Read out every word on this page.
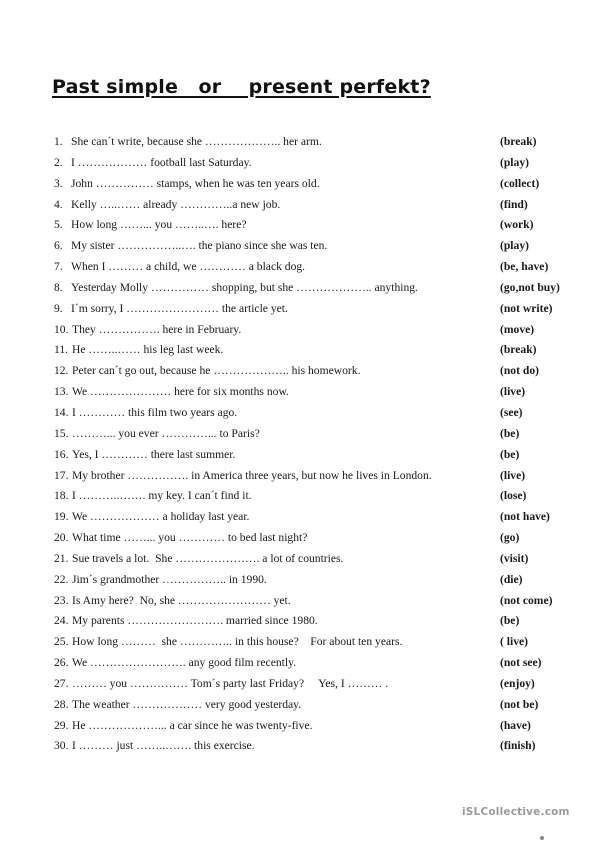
Past simple   or    present perfekt?
1. She can´t write, because she ……………….. her arm.	(break)
2. I ……………… football last Saturday.	(play)
3. John …………… stamps, when he was ten years old.	(collect)
4. Kelly …..…… already …………..a new job.	(find)
5. How long ……... you ……..…. here?	(work)
6. My sister ……………..…. the piano since she was ten.	(play)
7. When I ……… a child, we ………… a black dog.	(be, have)
8. Yesterday Molly …………… shopping, but she ……………….. anything.	(go,not buy)
9. I´m sorry, I …………………… the article yet.	(not write)
10. They ……………. here in February.	(move)
11. He ……..…… his leg last week.	(break)
12. Peter can´t go out, because he ……………….. his homework.	(not do)
13. We ………………… here for six months now.	(live)
14. I ………… this film two years ago.	(see)
15. ………... you ever …………... to Paris?	(be)
16. Yes, I ………… there last summer.	(be)
17. My brother ……………. in America three years, but now he lives in London.	(live)
18. I ………..……. my key. I can´t find it.	(lose)
19. We ……………… a holiday last year.	(not have)
20. What time ……... you ………… to bed last night?	(go)
21. Sue travels a lot.  She …………………. a lot of countries.	(visit)
22. Jim´s grandmother …………….. in 1990.	(die)
23. Is Amy here?  No, she …………………… yet.	(not come)
24. My parents ……………………. married since 1980.	(be)
25. How long ………  she ………….. in this house?    For about ten years.	( live)
26. We ……………………. any good film recently.	(not see)
27. ……… you …………… Tom´s party last Friday?     Yes, I ……… .	(enjoy)
28. The weather ……………… very good yesterday.	(not be)
29. He ………………... a car since he was twenty-five.	(have)
30. I ……… just ……..……. this exercise.	(finish)
iSLCollective.com
